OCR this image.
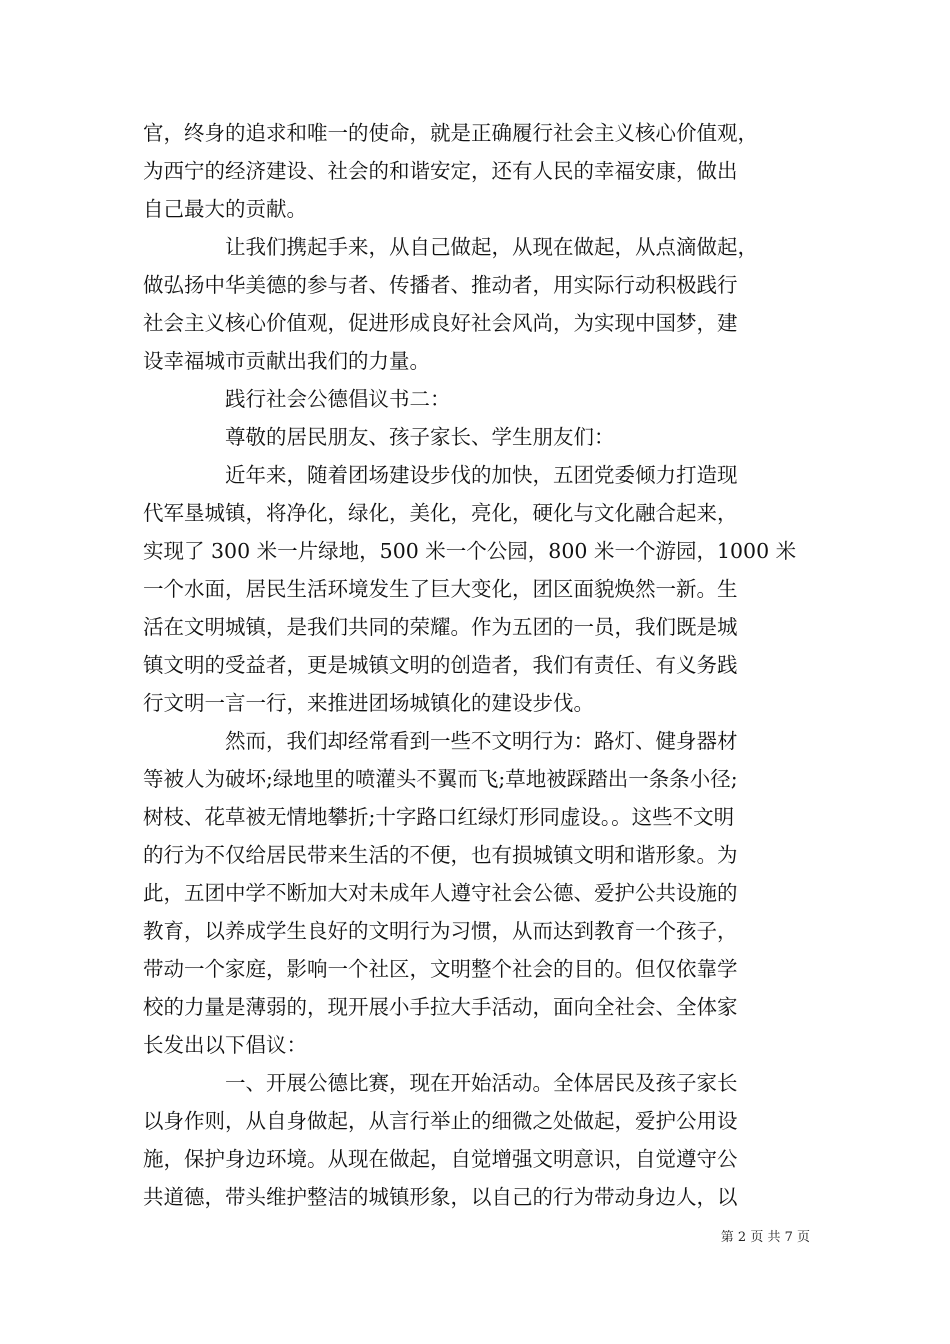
官，终身的追求和唯一的使命，就是正确履行社会主义核心价值观，
为西宁的经济建设、社会的和谐安定，还有人民的幸福安康，做出
自己最大的贡献。
　　　　让我们携起手来，从自己做起，从现在做起，从点滴做起，
做弘扬中华美德的参与者、传播者、推动者，用实际行动积极践行
社会主义核心价值观，促进形成良好社会风尚，为实现中国梦，建
设幸福城市贡献出我们的力量。
　　　　践行社会公德倡议书二：
　　　　尊敬的居民朋友、孩子家长、学生朋友们：
　　　　近年来，随着团场建设步伐的加快，五团党委倾力打造现
代军垦城镇，将净化，绿化，美化，亮化，硬化与文化融合起来，
实现了 300 米一片绿地，500 米一个公园，800 米一个游园，1000 米
一个水面，居民生活环境发生了巨大变化，团区面貌焕然一新。生
活在文明城镇，是我们共同的荣耀。作为五团的一员，我们既是城
镇文明的受益者，更是城镇文明的创造者，我们有责任、有义务践
行文明一言一行，来推进团场城镇化的建设步伐。
　　　　然而，我们却经常看到一些不文明行为：路灯、健身器材
等被人为破坏;绿地里的喷灌头不翼而飞;草地被踩踏出一条条小径;
树枝、花草被无情地攀折;十字路口红绿灯形同虚设。。这些不文明
的行为不仅给居民带来生活的不便，也有损城镇文明和谐形象。为
此，五团中学不断加大对未成年人遵守社会公德、爱护公共设施的
教育，以养成学生良好的文明行为习惯，从而达到教育一个孩子，
带动一个家庭，影响一个社区，文明整个社会的目的。但仅依靠学
校的力量是薄弱的，现开展小手拉大手活动，面向全社会、全体家
长发出以下倡议：
　　　　一、开展公德比赛，现在开始活动。全体居民及孩子家长
以身作则，从自身做起，从言行举止的细微之处做起，爱护公用设
施，保护身边环境。从现在做起，自觉增强文明意识，自觉遵守公
共道德，带头维护整洁的城镇形象，以自己的行为带动身边人，以
第 2 页 共 7 页
